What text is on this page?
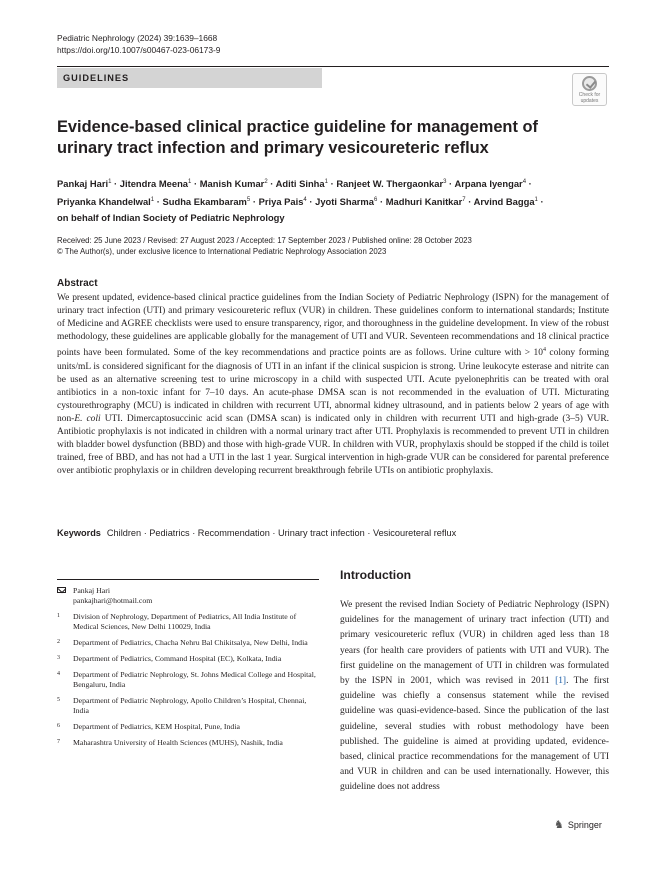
Pediatric Nephrology (2024) 39:1639–1668
https://doi.org/10.1007/s00467-023-06173-9
GUIDELINES
Check for
updates
Evidence-based clinical practice guideline for management of urinary tract infection and primary vesicoureteric reflux
Pankaj Hari$^1$ · Jitendra Meena$^1$ · Manish Kumar$^2$ · Aditi Sinha$^1$ · Ranjeet W. Thergaonkar$^3$ · Arpana Iyengar$^4$ ·
Priyanka Khandelwal$^1$ · Sudha Ekambaram$^5$ · Priya Pais$^4$ · Jyoti Sharma$^6$ · Madhuri Kanitkar$^7$ · Arvind Bagga$^1$ ·
on behalf of Indian Society of Pediatric Nephrology
Received: 25 June 2023 / Revised: 27 August 2023 / Accepted: 17 September 2023 / Published online: 28 October 2023
© The Author(s), under exclusive licence to International Pediatric Nephrology Association 2023
Abstract
We present updated, evidence-based clinical practice guidelines from the Indian Society of Pediatric Nephrology (ISPN) for the management of urinary tract infection (UTI) and primary vesicoureteric reflux (VUR) in children. These guidelines conform to international standards; Institute of Medicine and AGREE checklists were used to ensure transparency, rigor, and thoroughness in the guideline development. In view of the robust methodology, these guidelines are applicable globally for the management of UTI and VUR. Seventeen recommendations and 18 clinical practice points have been formulated. Some of the key recommendations and practice points are as follows. Urine culture with > $10^4$ colony forming units/mL is considered significant for the diagnosis of UTI in an infant if the clinical suspicion is strong. Urine leukocyte esterase and nitrite can be used as an alternative screening test to urine microscopy in a child with suspected UTI. Acute pyelonephritis can be treated with oral antibiotics in a non-toxic infant for 7–10 days. An acute-phase DMSA scan is not recommended in the evaluation of UTI. Micturating cystourethrography (MCU) is indicated in children with recurrent UTI, abnormal kidney ultrasound, and in patients below 2 years of age with non-E. coli UTI. Dimercaptosuccinic acid scan (DMSA scan) is indicated only in children with recurrent UTI and high-grade (3–5) VUR. Antibiotic prophylaxis is not indicated in children with a normal urinary tract after UTI. Prophylaxis is recommended to prevent UTI in children with bladder bowel dysfunction (BBD) and those with high-grade VUR. In children with VUR, prophylaxis should be stopped if the child is toilet trained, free of BBD, and has not had a UTI in the last 1 year. Surgical intervention in high-grade VUR can be considered for parental preference over antibiotic prophylaxis or in children developing recurrent breakthrough febrile UTIs on antibiotic prophylaxis.
Keywords Children · Pediatrics · Recommendation · Urinary tract infection · Vesicoureteral reflux
Pankaj Hari
pankajhari@hotmail.com
1 Division of Nephrology, Department of Pediatrics, All India Institute of Medical Sciences, New Delhi 110029, India
2 Department of Pediatrics, Chacha Nehru Bal Chikitsalya, New Delhi, India
3 Department of Pediatrics, Command Hospital (EC), Kolkata, India
4 Department of Pediatric Nephrology, St. Johns Medical College and Hospital, Bengaluru, India
5 Department of Pediatric Nephrology, Apollo Children’s Hospital, Chennai, India
6 Department of Pediatrics, KEM Hospital, Pune, India
7 Maharashtra University of Health Sciences (MUHS), Nashik, India
Introduction
We present the revised Indian Society of Pediatric Nephrology (ISPN) guidelines for the management of urinary tract infection (UTI) and primary vesicoureteric reflux (VUR) in children aged less than 18 years (for health care providers of patients with UTI and VUR). The first guideline on the management of UTI in children was formulated by the ISPN in 2001, which was revised in 2011 [1]. The first guideline was chiefly a consensus statement while the revised guideline was quasi-evidence-based. Since the publication of the last guideline, several studies with robust methodology have been published. The guideline is aimed at providing updated, evidence-based, clinical practice recommendations for the management of UTI and VUR in children and can be used internationally. However, this guideline does not address
♞ Springer
